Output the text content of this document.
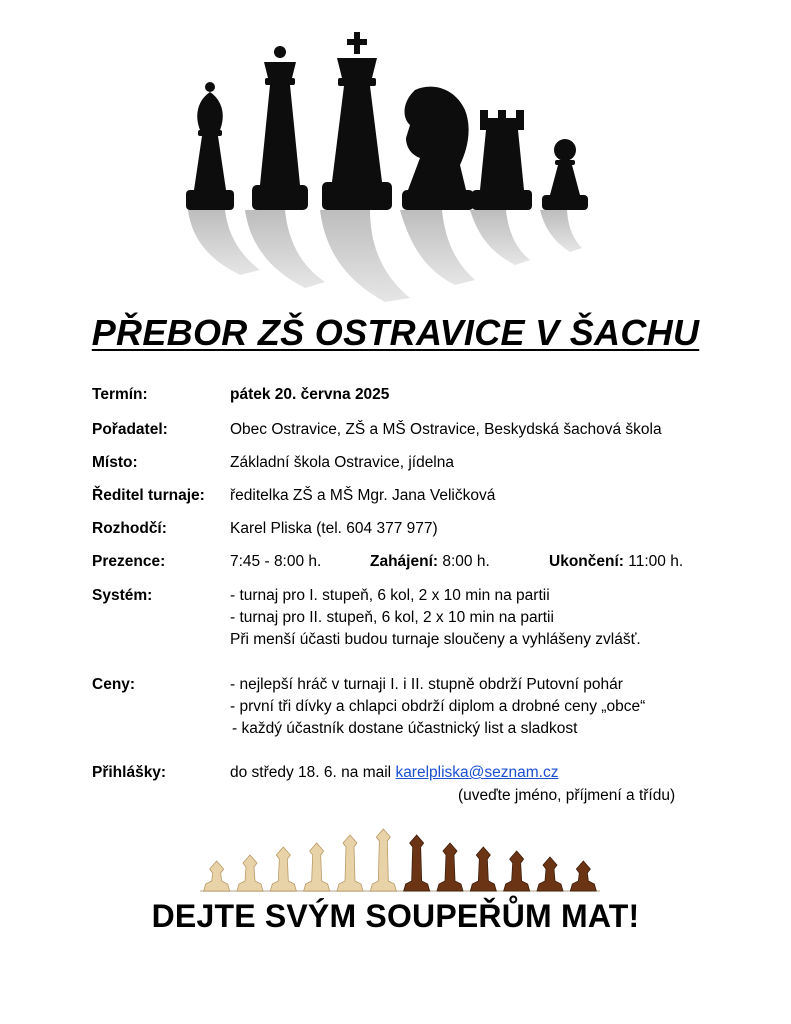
PŘEBOR ZŠ OSTRAVICE V ŠACHU
Termín:	pátek 20. června 2025
Pořadatel:	Obec Ostravice, ZŠ a MŠ Ostravice, Beskydská šachová škola
Místo:	Základní škola Ostravice, jídelna
Ředitel turnaje: ředitelka ZŠ a MŠ Mgr. Jana Veličková
Rozhodčí:	Karel Pliska (tel. 604 377 977)
Prezence:	7:45 - 8:00 h.	Zahájení: 8:00 h.	Ukončení: 11:00 h.
Systém:	- turnaj pro I. stupeň, 6 kol, 2 x 10 min na partii
- turnaj pro II. stupeň, 6 kol, 2 x 10 min na partii
Při menší účasti budou turnaje sloučeny a vyhlášeny zvlášť.
Ceny:	- nejlepší hráč v turnaji I. i II. stupně obdrží Putovní pohár
- první tři dívky a chlapci obdrží diplom a drobné ceny „obce“
- každý účastník dostane účastnický list a sladkost
Přihlášky:	do středy 18. 6. na mail karelpliska@seznam.cz
(uveďte jméno, příjmení a třídu)
DEJTE SVÝM SOUPEŘŮM MAT!
